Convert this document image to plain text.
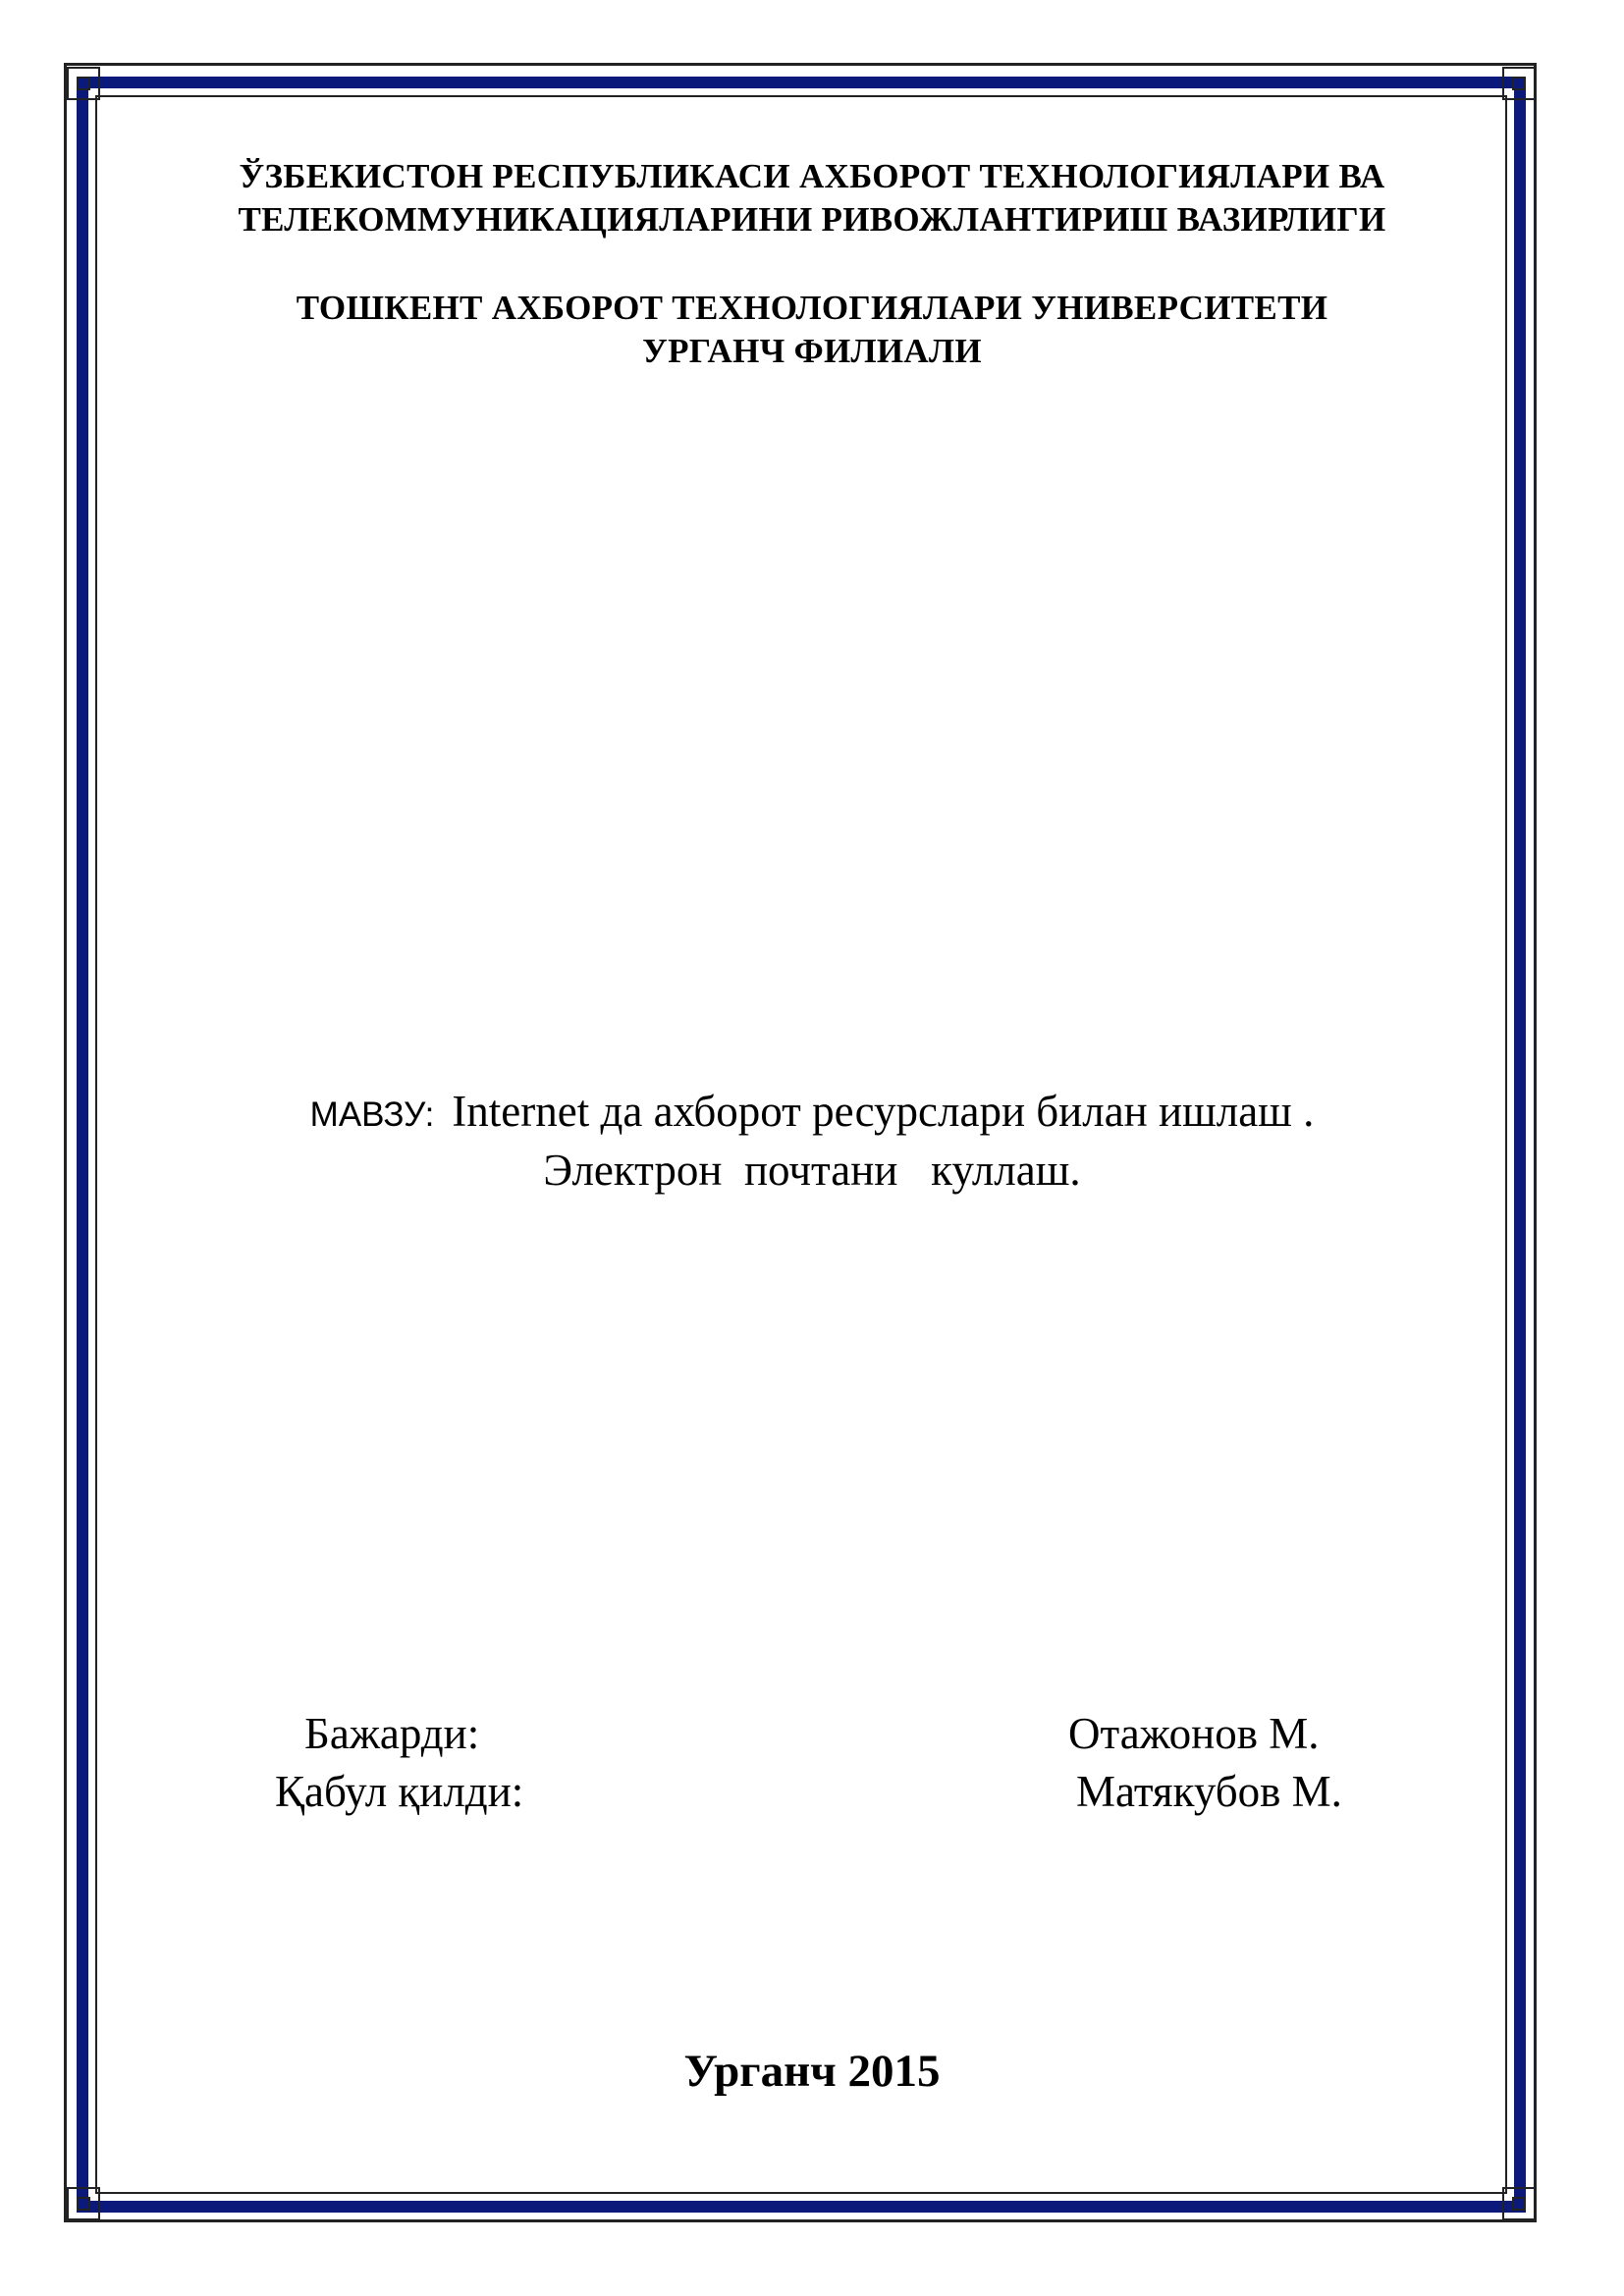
ЎЗБЕКИСТОН РЕСПУБЛИКАСИ АХБОРОТ ТЕХНОЛОГИЯЛАРИ ВА
ТЕЛЕКОММУНИКАЦИЯЛАРИНИ РИВОЖЛАНТИРИШ ВАЗИРЛИГИ
ТОШКЕНТ АХБОРОТ ТЕХНОЛОГИЯЛАРИ УНИВЕРСИТЕТИ
УРГАНЧ ФИЛИАЛИ
МАВЗУ: Internet да ахборот ресурслари билан ишлаш .
Электрон  почтани   куллаш.
Бажарди:	Отажонов М.
Қабул қилди:	Матякубов М.
Урганч 2015
